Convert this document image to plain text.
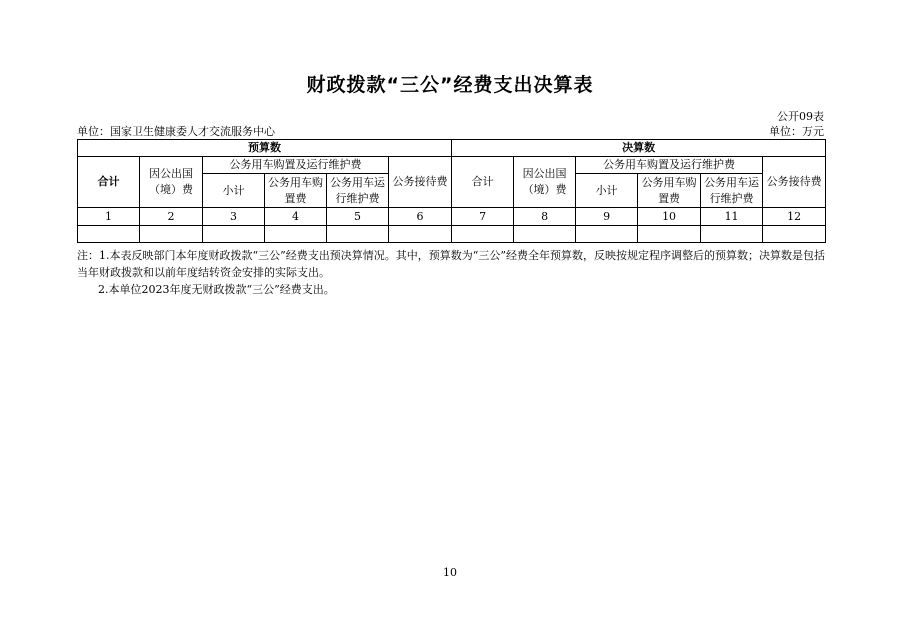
财政拨款“三公”经费支出决算表
公开09表
单位：国家卫生健康委人才交流服务中心	单位：万元
预算数						决算数					
合计	因公出国（境）费	公务用车购置及运行维护费			公务接待费	合计	因公出国（境）费	公务用车购置及运行维护费			公务接待费
		小计	公务用车购置费	公务用车运行维护费				小计	公务用车购置费	公务用车运行维护费	
1	2	3	4	5	6	7	8	9	10	11	12

注：1.本表反映部门本年度财政拨款“三公”经费支出预决算情况。其中，预算数为“三公”经费全年预算数，反映按规定程序调整后的预算数；决算数是包括当年财政拨款和以前年度结转资金安排的实际支出。

2.本单位2023年度无财政拨款“三公”经费支出。

10
